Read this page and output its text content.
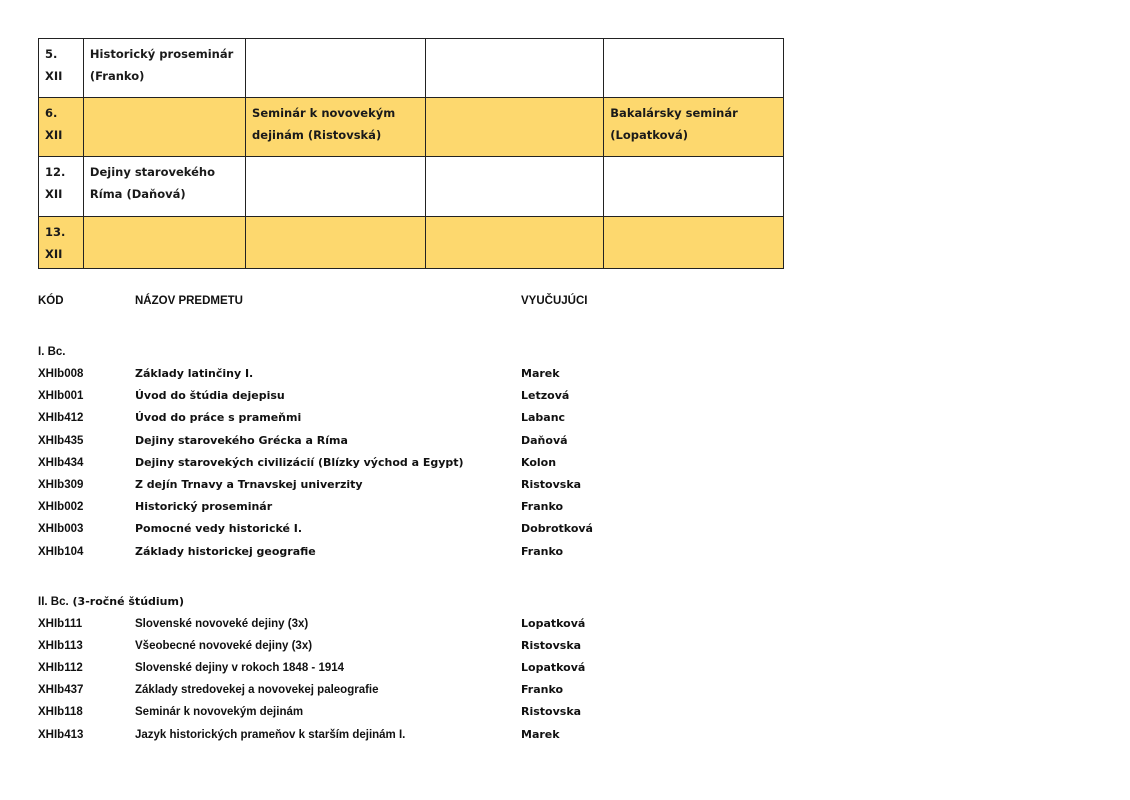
5. XII	Historický proseminár (Franko)			
6. XII		Seminár k novovekým dejinám (Ristovská)		Bakalársky seminár (Lopatková)
12. XII	Dejiny starovekého Ríma (Daňová)			
13. XII				
KÓD	NÁZOV PREDMETU	VYUČUJÚCI
I. Bc.
XHIb008	Základy latinčiny I.	Marek
XHIb001	Úvod do štúdia dejepisu	Letzová
XHIb412	Úvod do práce s prameňmi	Labanc
XHIb435	Dejiny starovekého Grécka a Ríma	Daňová
XHIb434	Dejiny starovekých civilizácií (Blízky východ a Egypt)	Kolon
XHIb309	Z dejín Trnavy a Trnavskej univerzity	Ristovska
XHIb002	Historický proseminár	Franko
XHIb003	Pomocné vedy historické I.	Dobrotková
XHIb104	Základy historickej geografie	Franko
II. Bc. (3-ročné štúdium)
XHIb111	Slovenské novoveké dejiny (3x)	Lopatková
XHIb113	Všeobecné novoveké dejiny (3x)	Ristovska
XHIb112	Slovenské dejiny v rokoch 1848 - 1914	Lopatková
XHIb437	Základy stredovekej a novovekej paleografie	Franko
XHIb118	Seminár k novovekým dejinám	Ristovska
XHIb413	Jazyk historických prameňov k starším dejinám I.	Marek
